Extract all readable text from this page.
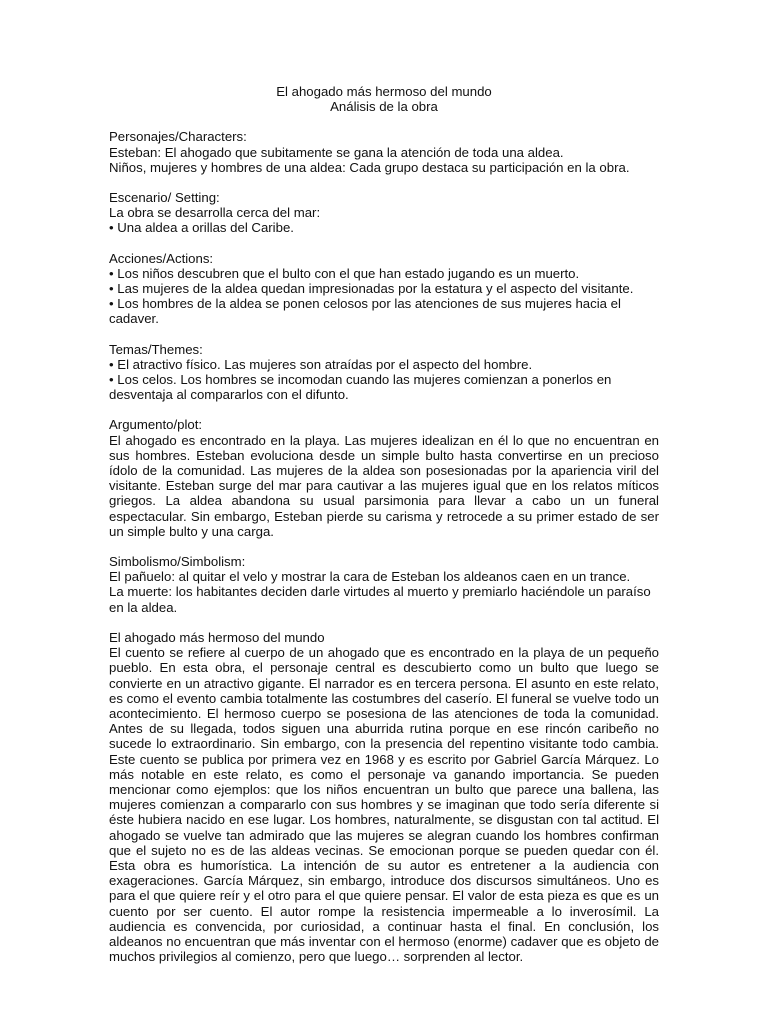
El ahogado más hermoso del mundo
Análisis de la obra

Personajes/Characters:

Esteban: El ahogado que subitamente se gana la atención de toda una aldea.

Niños, mujeres y hombres de una aldea: Cada grupo destaca su participación en la obra.

Escenario/ Setting:

La obra se desarrolla cerca del mar:

• Una aldea a orillas del Caribe.

Acciones/Actions:

• Los niños descubren que el bulto con el que han estado jugando es un muerto.

• Las mujeres de la aldea quedan impresionadas por la estatura y el aspecto del visitante.

• Los hombres de la aldea se ponen celosos por las atenciones de sus mujeres hacia el cadaver.

Temas/Themes:

• El atractivo físico. Las mujeres son atraídas por el aspecto del hombre.

• Los celos. Los hombres se incomodan cuando las mujeres comienzan a ponerlos en desventaja al compararlos con el difunto.

Argumento/plot:

El ahogado es encontrado en la playa. Las mujeres idealizan en él lo que no encuentran en sus hombres. Esteban evoluciona desde un simple bulto hasta convertirse en un precioso ídolo de la comunidad. Las mujeres de la aldea son posesionadas por la apariencia viril del visitante. Esteban surge del mar para cautivar a las mujeres igual que en los relatos míticos griegos. La aldea abandona su usual parsimonia para llevar a cabo un un funeral espectacular. Sin embargo, Esteban pierde su carisma y retrocede a su primer estado de ser un simple bulto y una carga.

Simbolismo/Simbolism:

El pañuelo: al quitar el velo y mostrar la cara de Esteban los aldeanos caen en un trance.

La muerte: los habitantes deciden darle virtudes al muerto y premiarlo haciéndole un paraíso en la aldea.

El ahogado más hermoso del mundo

El cuento se refiere al cuerpo de un ahogado que es encontrado en la playa de un pequeño pueblo. En esta obra, el personaje central es descubierto como un bulto que luego se convierte en un atractivo gigante. El narrador es en tercera persona. El asunto en este relato, es como el evento cambia totalmente las costumbres del caserío. El funeral se vuelve todo un acontecimiento. El hermoso cuerpo se posesiona de las atenciones de toda la comunidad. Antes de su llegada, todos siguen una aburrida rutina porque en ese rincón caribeño no sucede lo extraordinario. Sin embargo, con la presencia del repentino visitante todo cambia. Este cuento se publica por primera vez en 1968 y es escrito por Gabriel García Márquez. Lo más notable en este relato, es como el personaje va ganando importancia. Se pueden mencionar como ejemplos: que los niños encuentran un bulto que parece una ballena, las mujeres comienzan a compararlo con sus hombres y se imaginan que todo sería diferente si éste hubiera nacido en ese lugar. Los hombres, naturalmente, se disgustan con tal actitud. El ahogado se vuelve tan admirado que las mujeres se alegran cuando los hombres confirman que el sujeto no es de las aldeas vecinas. Se emocionan porque se pueden quedar con él. Esta obra es humorística. La intención de su autor es entretener a la audiencia con exageraciones. García Márquez, sin embargo, introduce dos discursos simultáneos. Uno es para el que quiere reír y el otro para el que quiere pensar. El valor de esta pieza es que es un cuento por ser cuento. El autor rompe la resistencia impermeable a lo inverosímil. La audiencia es convencida, por curiosidad, a continuar hasta el final. En conclusión, los aldeanos no encuentran que más inventar con el hermoso (enorme) cadaver que es objeto de muchos privilegios al comienzo, pero que luego… sorprenden al lector.
